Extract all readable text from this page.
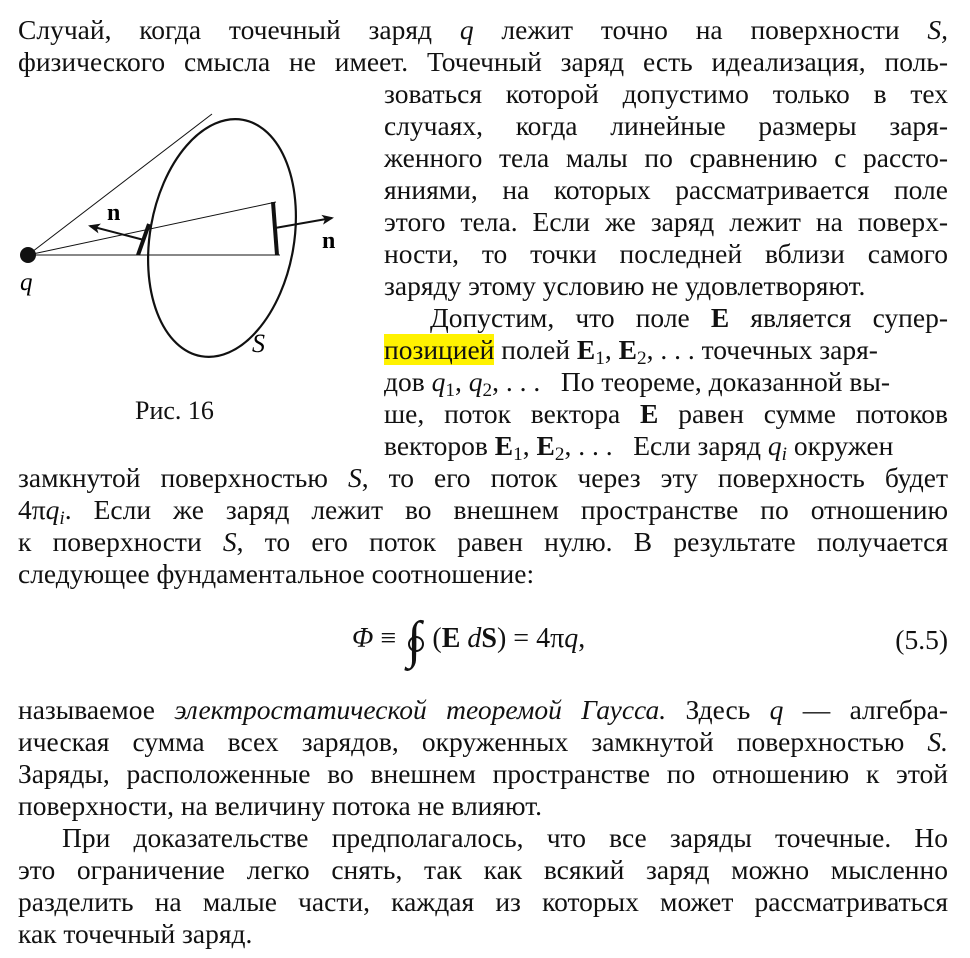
Случай, когда точечный заряд q лежит точно на поверхности S,
физического смысла не имеет. Точечный заряд есть идеализация, поль-
зоваться которой допустимо только в тех
случаях, когда линейные размеры заря-
женного тела малы по сравнению с рассто-
яниями, на которых рассматривается поле
этого тела. Если же заряд лежит на поверх-
ности, то точки последней вблизи самого
заряду этому условию не удовлетворяют.
Допустим, что поле E является супер-
позицией полей $E_1$, $E_2$, . . . точечных заря-
дов $q_1$, $q_2$, . . .   По теореме, доказанной вы-
ше, поток вектора E равен сумме потоков
векторов $E_1$, $E_2$, . . .   Если заряд $q_i$ окружен
замкнутой поверхностью S, то его поток через эту поверхность будет
$4\pi q_i$. Если же заряд лежит во внешнем пространстве по отношению
к поверхности S, то его поток равен нулю. В результате получается
следующее фундаментальное соотношение:
Φ ≡ ∫ (E dS) = 4πq,	(5.5)
называемое электростатической теоремой Гаусса. Здесь q — алгебра-
ическая сумма всех зарядов, окруженных замкнутой поверхностью S.
Заряды, расположенные во внешнем пространстве по отношению к этой
поверхности, на величину потока не влияют.
При доказательстве предполагалось, что все заряды точечные. Но
это ограничение легко снять, так как всякий заряд можно мысленно
разделить на малые части, каждая из которых может рассматриваться
как точечный заряд.
n
n
q
S
Рис. 16
